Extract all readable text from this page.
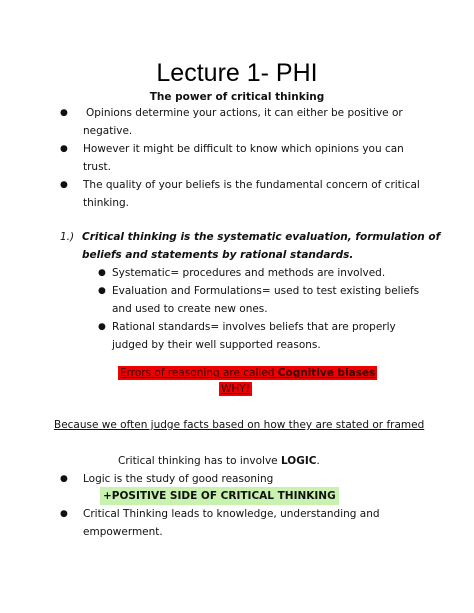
Lecture 1- PHI
The power of critical thinking
● Opinions determine your actions, it can either be positive or
negative.
● However it might be difficult to know which opinions you can
trust.
● The quality of your beliefs is the fundamental concern of critical
thinking.
1.) Critical thinking is the systematic evaluation, formulation of
beliefs and statements by rational standards.
● Systematic= procedures and methods are involved.
● Evaluation and Formulations= used to test existing beliefs
and used to create new ones.
● Rational standards= involves beliefs that are properly
judged by their well supported reasons.
Errors of reasoning are called Cognitive biases
WHY!
Because we often judge facts based on how they are stated or framed
Critical thinking has to involve LOGIC.
● Logic is the study of good reasoning
+POSITIVE SIDE OF CRITICAL THINKING
● Critical Thinking leads to knowledge, understanding and
empowerment.
